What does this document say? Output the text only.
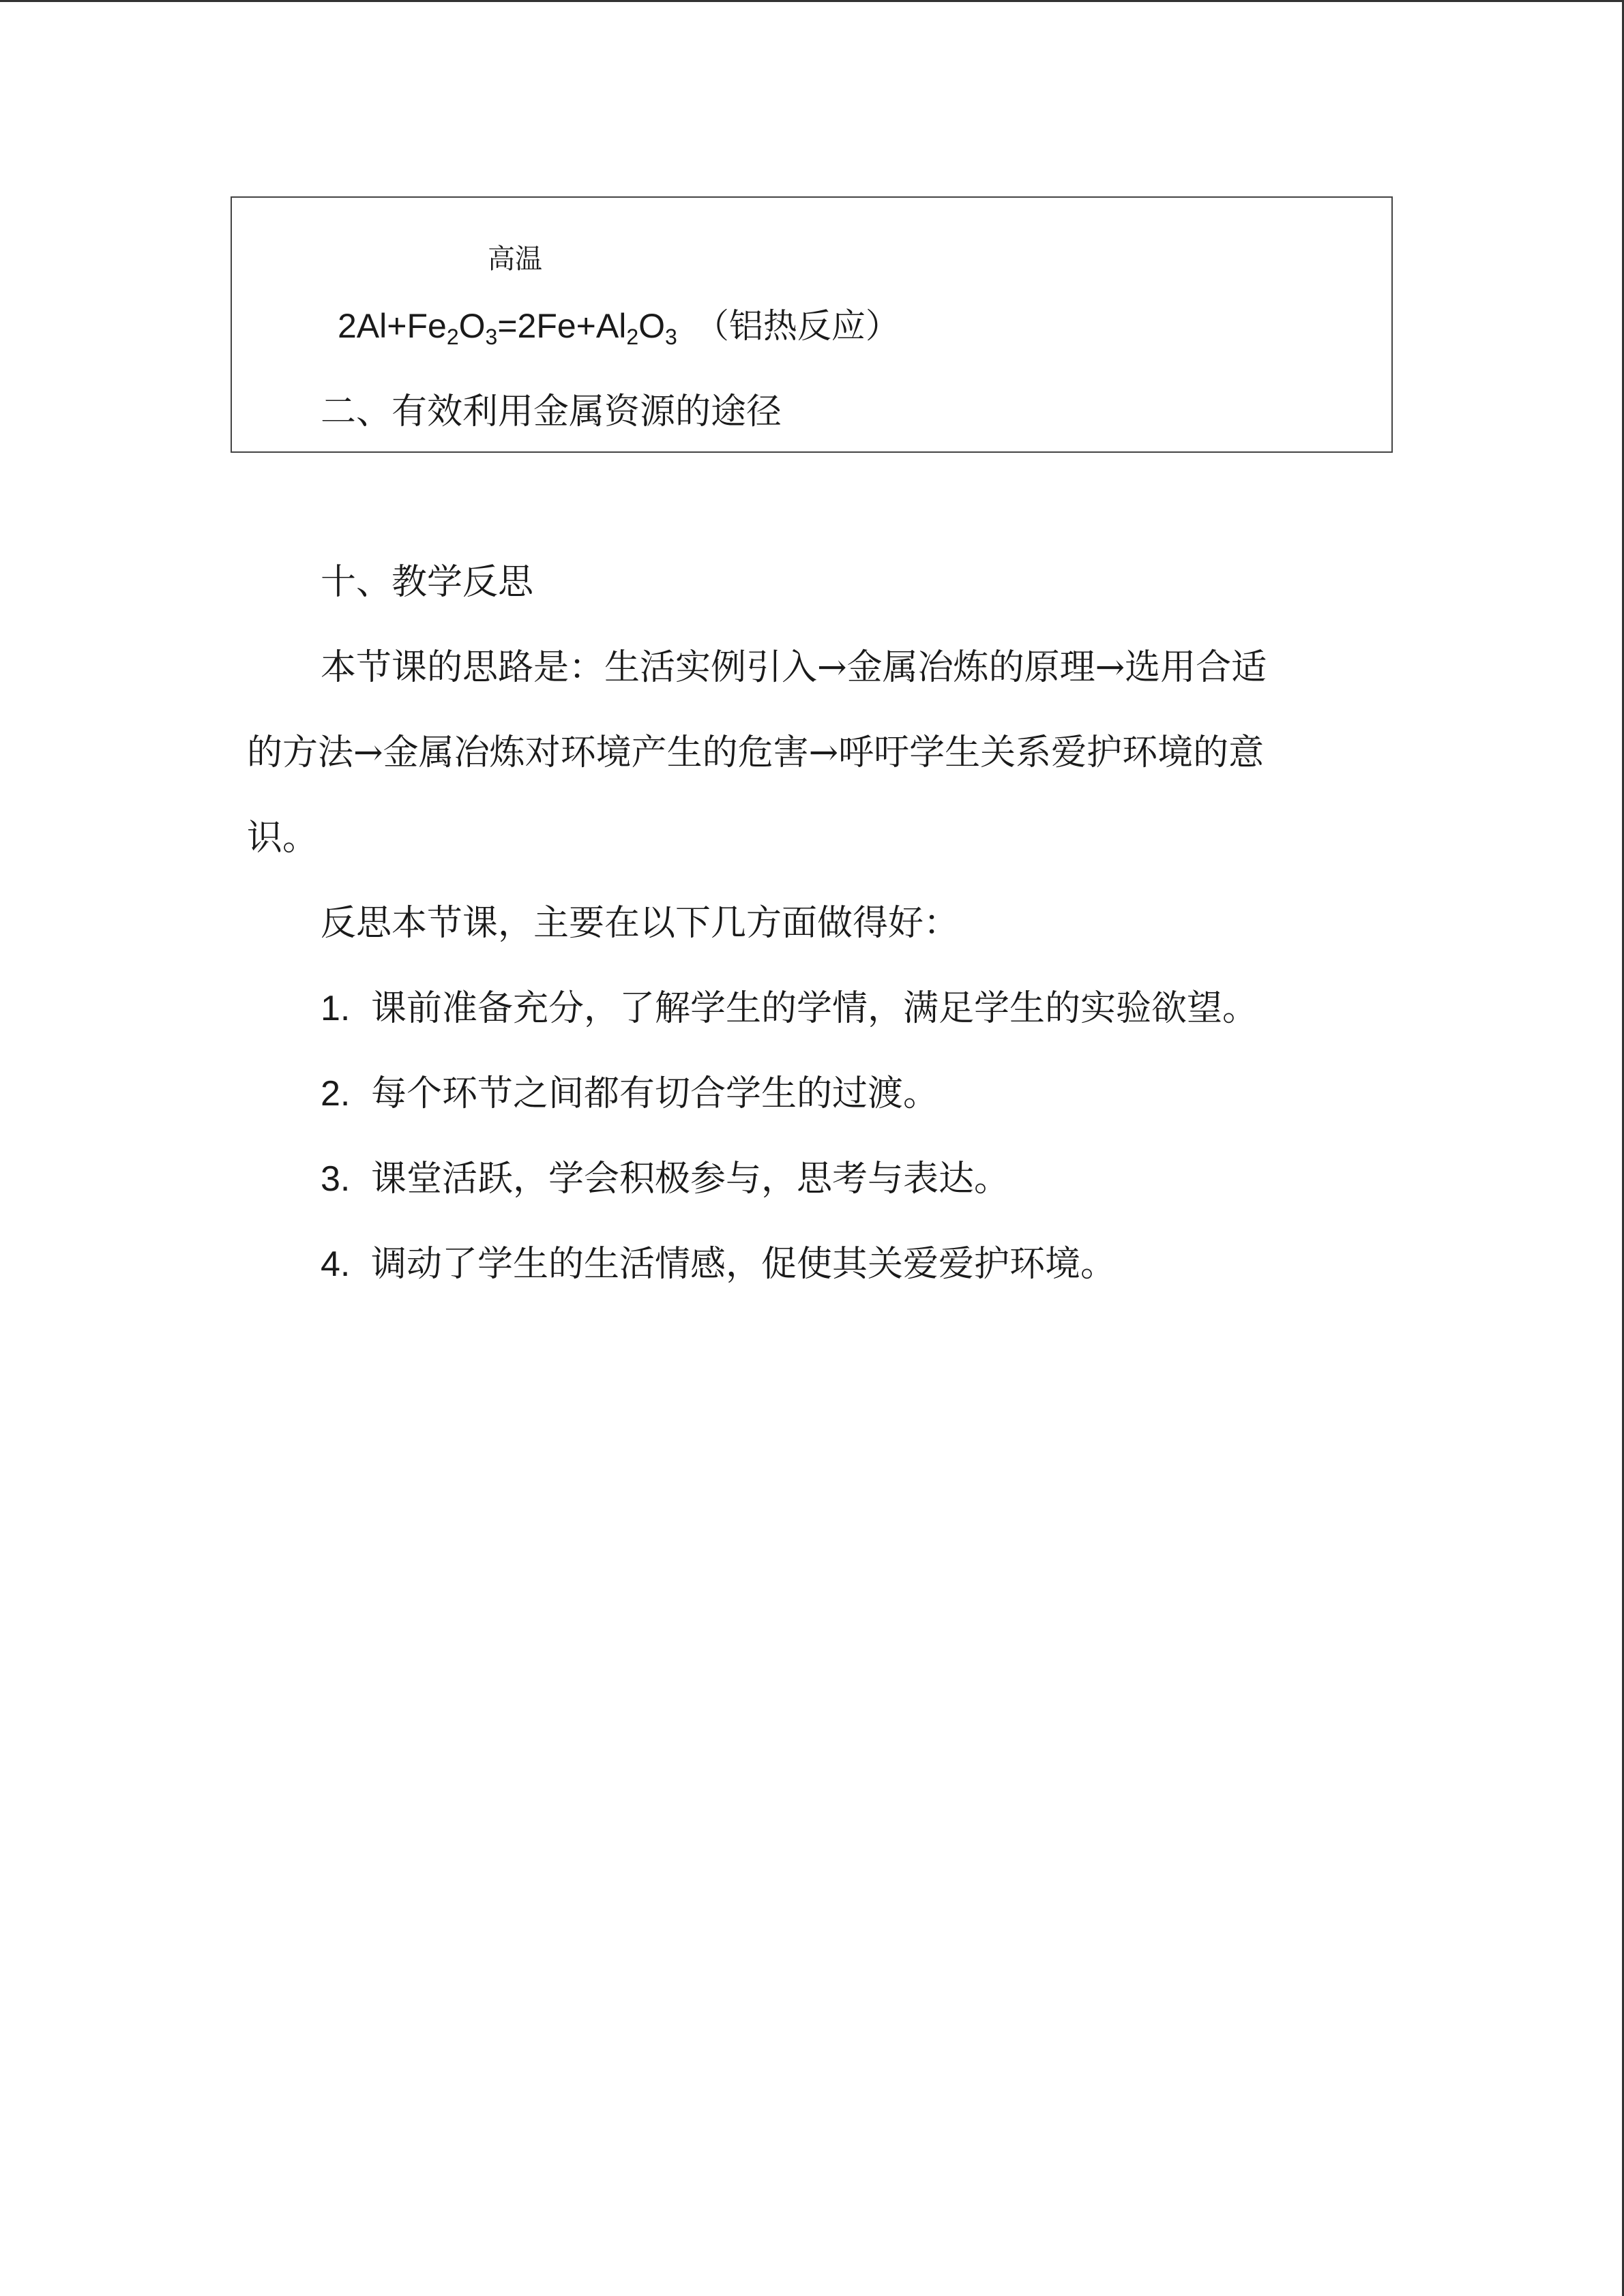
高温
$2Al+Fe_2O_3=2Fe+Al_2O_3$ （铝热反应）
二、有效利用金属资源的途径
十、教学反思
本节课的思路是：生活实例引入→金属冶炼的原理→选用合适
的方法→金属冶炼对环境产生的危害→呼吁学生关系爱护环境的意
识。
反思本节课，主要在以下几方面做得好：
1. 课前准备充分，了解学生的学情，满足学生的实验欲望。
2. 每个环节之间都有切合学生的过渡。
3. 课堂活跃，学会积极参与，思考与表达。
4. 调动了学生的生活情感，促使其关爱爱护环境。
